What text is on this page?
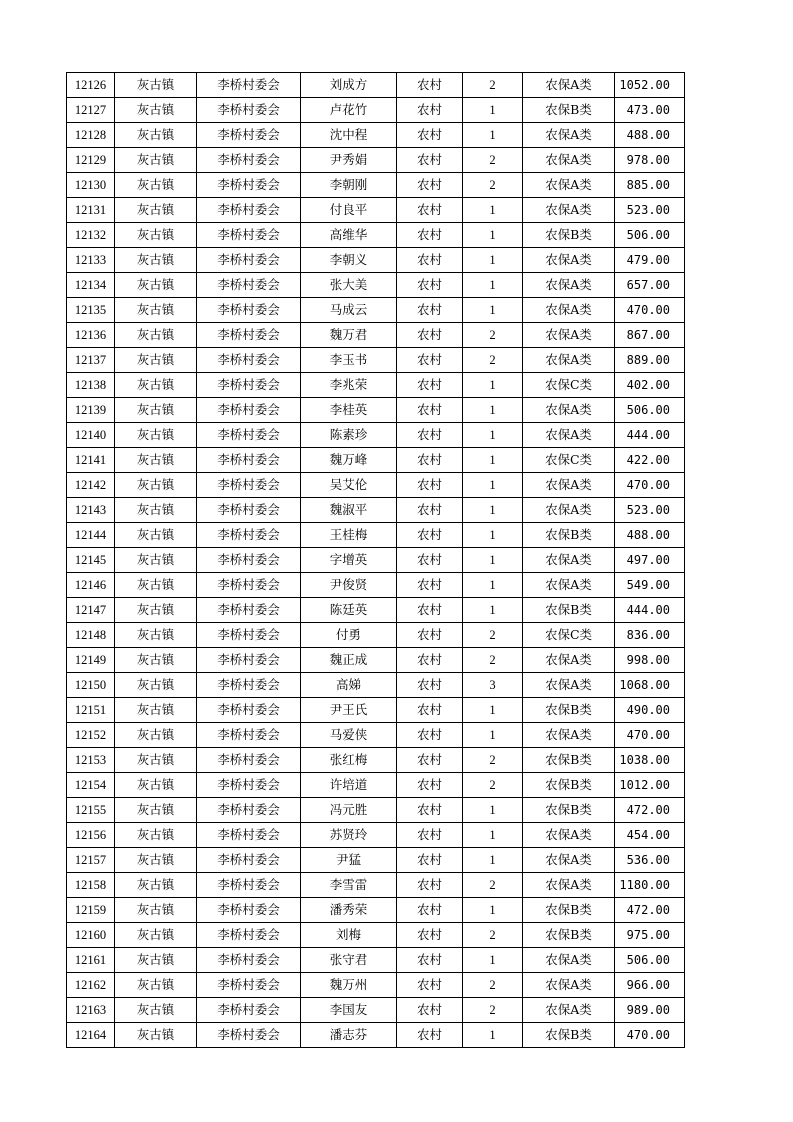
12126	灰古镇	李桥村委会	刘成方	农村	2	农保A类	1052.00
12127	灰古镇	李桥村委会	卢花竹	农村	1	农保B类	473.00
12128	灰古镇	李桥村委会	沈中程	农村	1	农保A类	488.00
12129	灰古镇	李桥村委会	尹秀娟	农村	2	农保A类	978.00
12130	灰古镇	李桥村委会	李朝刚	农村	2	农保A类	885.00
12131	灰古镇	李桥村委会	付良平	农村	1	农保A类	523.00
12132	灰古镇	李桥村委会	高维华	农村	1	农保B类	506.00
12133	灰古镇	李桥村委会	李朝义	农村	1	农保A类	479.00
12134	灰古镇	李桥村委会	张大美	农村	1	农保A类	657.00
12135	灰古镇	李桥村委会	马成云	农村	1	农保A类	470.00
12136	灰古镇	李桥村委会	魏万君	农村	2	农保A类	867.00
12137	灰古镇	李桥村委会	李玉书	农村	2	农保A类	889.00
12138	灰古镇	李桥村委会	李兆荣	农村	1	农保C类	402.00
12139	灰古镇	李桥村委会	李桂英	农村	1	农保A类	506.00
12140	灰古镇	李桥村委会	陈素珍	农村	1	农保A类	444.00
12141	灰古镇	李桥村委会	魏万峰	农村	1	农保C类	422.00
12142	灰古镇	李桥村委会	吴艾伦	农村	1	农保A类	470.00
12143	灰古镇	李桥村委会	魏淑平	农村	1	农保A类	523.00
12144	灰古镇	李桥村委会	王桂梅	农村	1	农保B类	488.00
12145	灰古镇	李桥村委会	字增英	农村	1	农保A类	497.00
12146	灰古镇	李桥村委会	尹俊贤	农村	1	农保A类	549.00
12147	灰古镇	李桥村委会	陈廷英	农村	1	农保B类	444.00
12148	灰古镇	李桥村委会	付勇	农村	2	农保C类	836.00
12149	灰古镇	李桥村委会	魏正成	农村	2	农保A类	998.00
12150	灰古镇	李桥村委会	高娣	农村	3	农保A类	1068.00
12151	灰古镇	李桥村委会	尹王氏	农村	1	农保B类	490.00
12152	灰古镇	李桥村委会	马爱侠	农村	1	农保A类	470.00
12153	灰古镇	李桥村委会	张红梅	农村	2	农保B类	1038.00
12154	灰古镇	李桥村委会	许培道	农村	2	农保B类	1012.00
12155	灰古镇	李桥村委会	冯元胜	农村	1	农保B类	472.00
12156	灰古镇	李桥村委会	苏贤玲	农村	1	农保A类	454.00
12157	灰古镇	李桥村委会	尹猛	农村	1	农保A类	536.00
12158	灰古镇	李桥村委会	李雪雷	农村	2	农保A类	1180.00
12159	灰古镇	李桥村委会	潘秀荣	农村	1	农保B类	472.00
12160	灰古镇	李桥村委会	刘梅	农村	2	农保B类	975.00
12161	灰古镇	李桥村委会	张守君	农村	1	农保A类	506.00
12162	灰古镇	李桥村委会	魏万州	农村	2	农保A类	966.00
12163	灰古镇	李桥村委会	李国友	农村	2	农保A类	989.00
12164	灰古镇	李桥村委会	潘志芬	农村	1	农保B类	470.00
